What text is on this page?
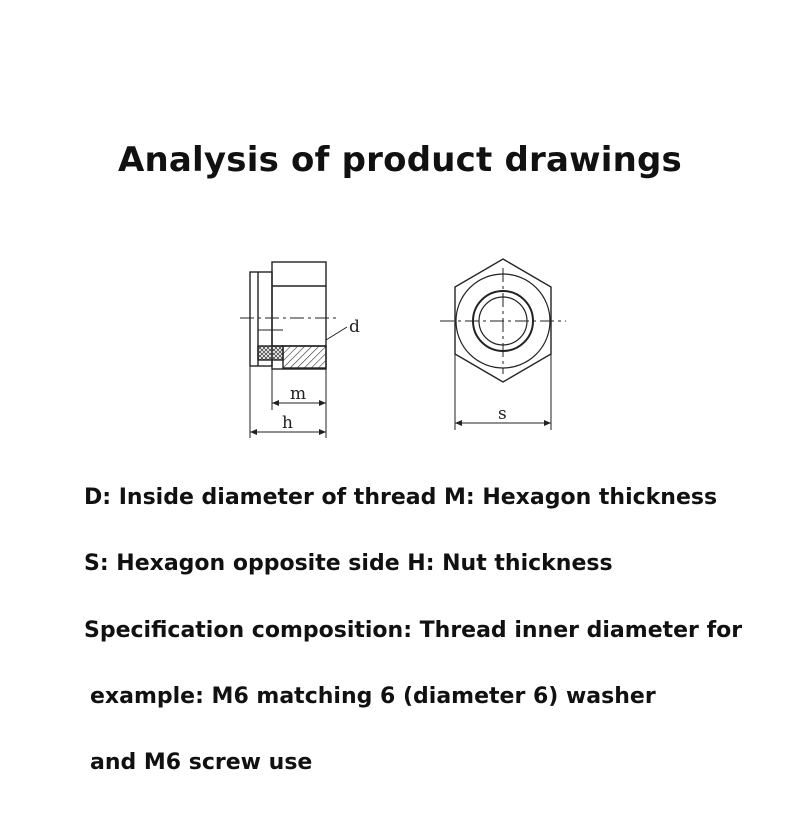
Analysis of product drawings
d
m
h	s

D: Inside diameter of thread M: Hexagon thickness

S: Hexagon opposite side H: Nut thickness

Specification composition: Thread inner diameter for

example: M6 matching 6 (diameter 6) washer

and M6 screw use
